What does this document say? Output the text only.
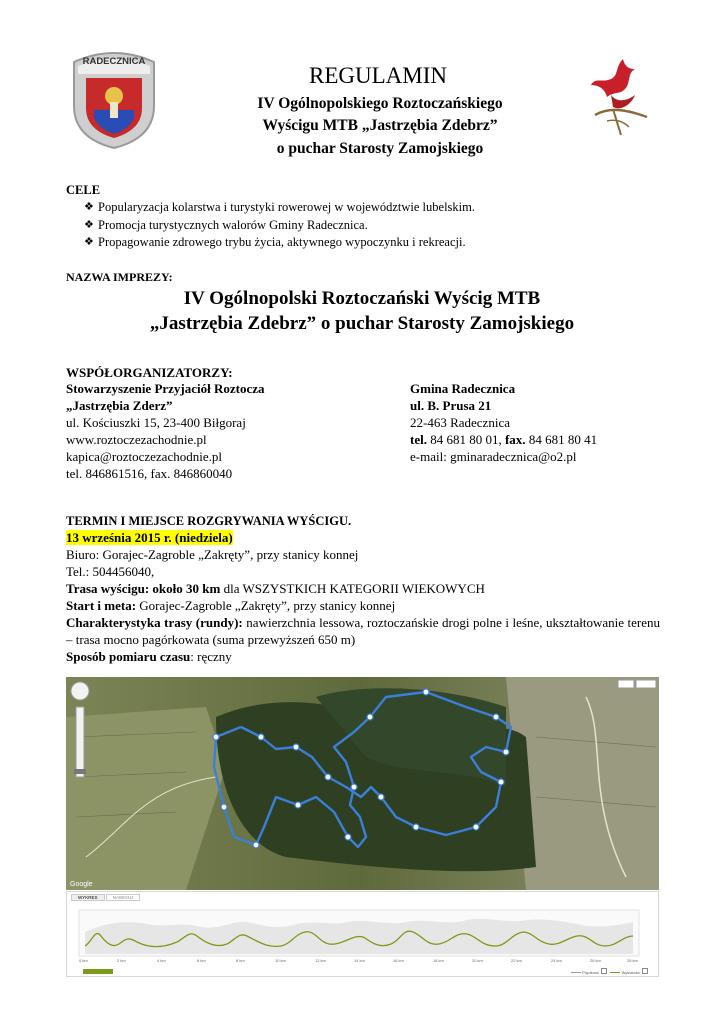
RADECZNICA
REGULAMIN
IV Ogólnopolskiego Roztoczańskiego
Wyścigu MTB „Jastrzębia Zdebrz”
o puchar Starosty Zamojskiego
CELE
❖ Popularyzacja kolarstwa i turystyki rowerowej w województwie lubelskim.
❖ Promocja turystycznych walorów Gminy Radecznica.
❖ Propagowanie zdrowego trybu życia, aktywnego wypoczynku i rekreacji.
NAZWA IMPREZY:
IV Ogólnopolski Roztoczański Wyścig MTB
„Jastrzębia Zdebrz” o puchar Starosty Zamojskiego
WSPÓŁORGANIZATORZY:
Stowarzyszenie Przyjaciół Roztocza
„Jastrzębia Zderz”
ul. Kościuszki 15, 23-400 Biłgoraj
www.roztoczezachodnie.pl
kapica@roztoczezachodnie.pl
tel. 846861516, fax. 846860040
Gmina Radecznica
ul. B. Prusa 21
22-463 Radecznica
tel. 84 681 80 01, fax. 84 681 80 41
e-mail: gminaradecznica@o2.pl
TERMIN I MIEJSCE ROZGRYWANIA WYŚCIGU.
13 września 2015 r. (niedziela)
Biuro: Gorajec-Zagroble „Zakręty”, przy stanicy konnej
Tel.: 504456040,
Trasa wyścigu: około 30 km dla WSZYSTKICH KATEGORII WIEKOWYCH
Start i meta: Gorajec-Zagroble „Zakręty”, przy stanicy konnej
Charakterystyka trasy (rundy): nawierzchnia lessowa, roztoczańskie drogi polne i leśne, ukształtowanie terenu – trasa mocno pagórkowata (suma przewyższeń 650 m)
Sposób pomiaru czasu: ręczny
Google
WYKRES	NAWIGUJ
0 km	2 km	4 km	6 km	8 km	10 km	12 km	14 km	16 km	18 km	20 km	22 km	24 km	26 km	28 km
Prędkość	Wysokość
